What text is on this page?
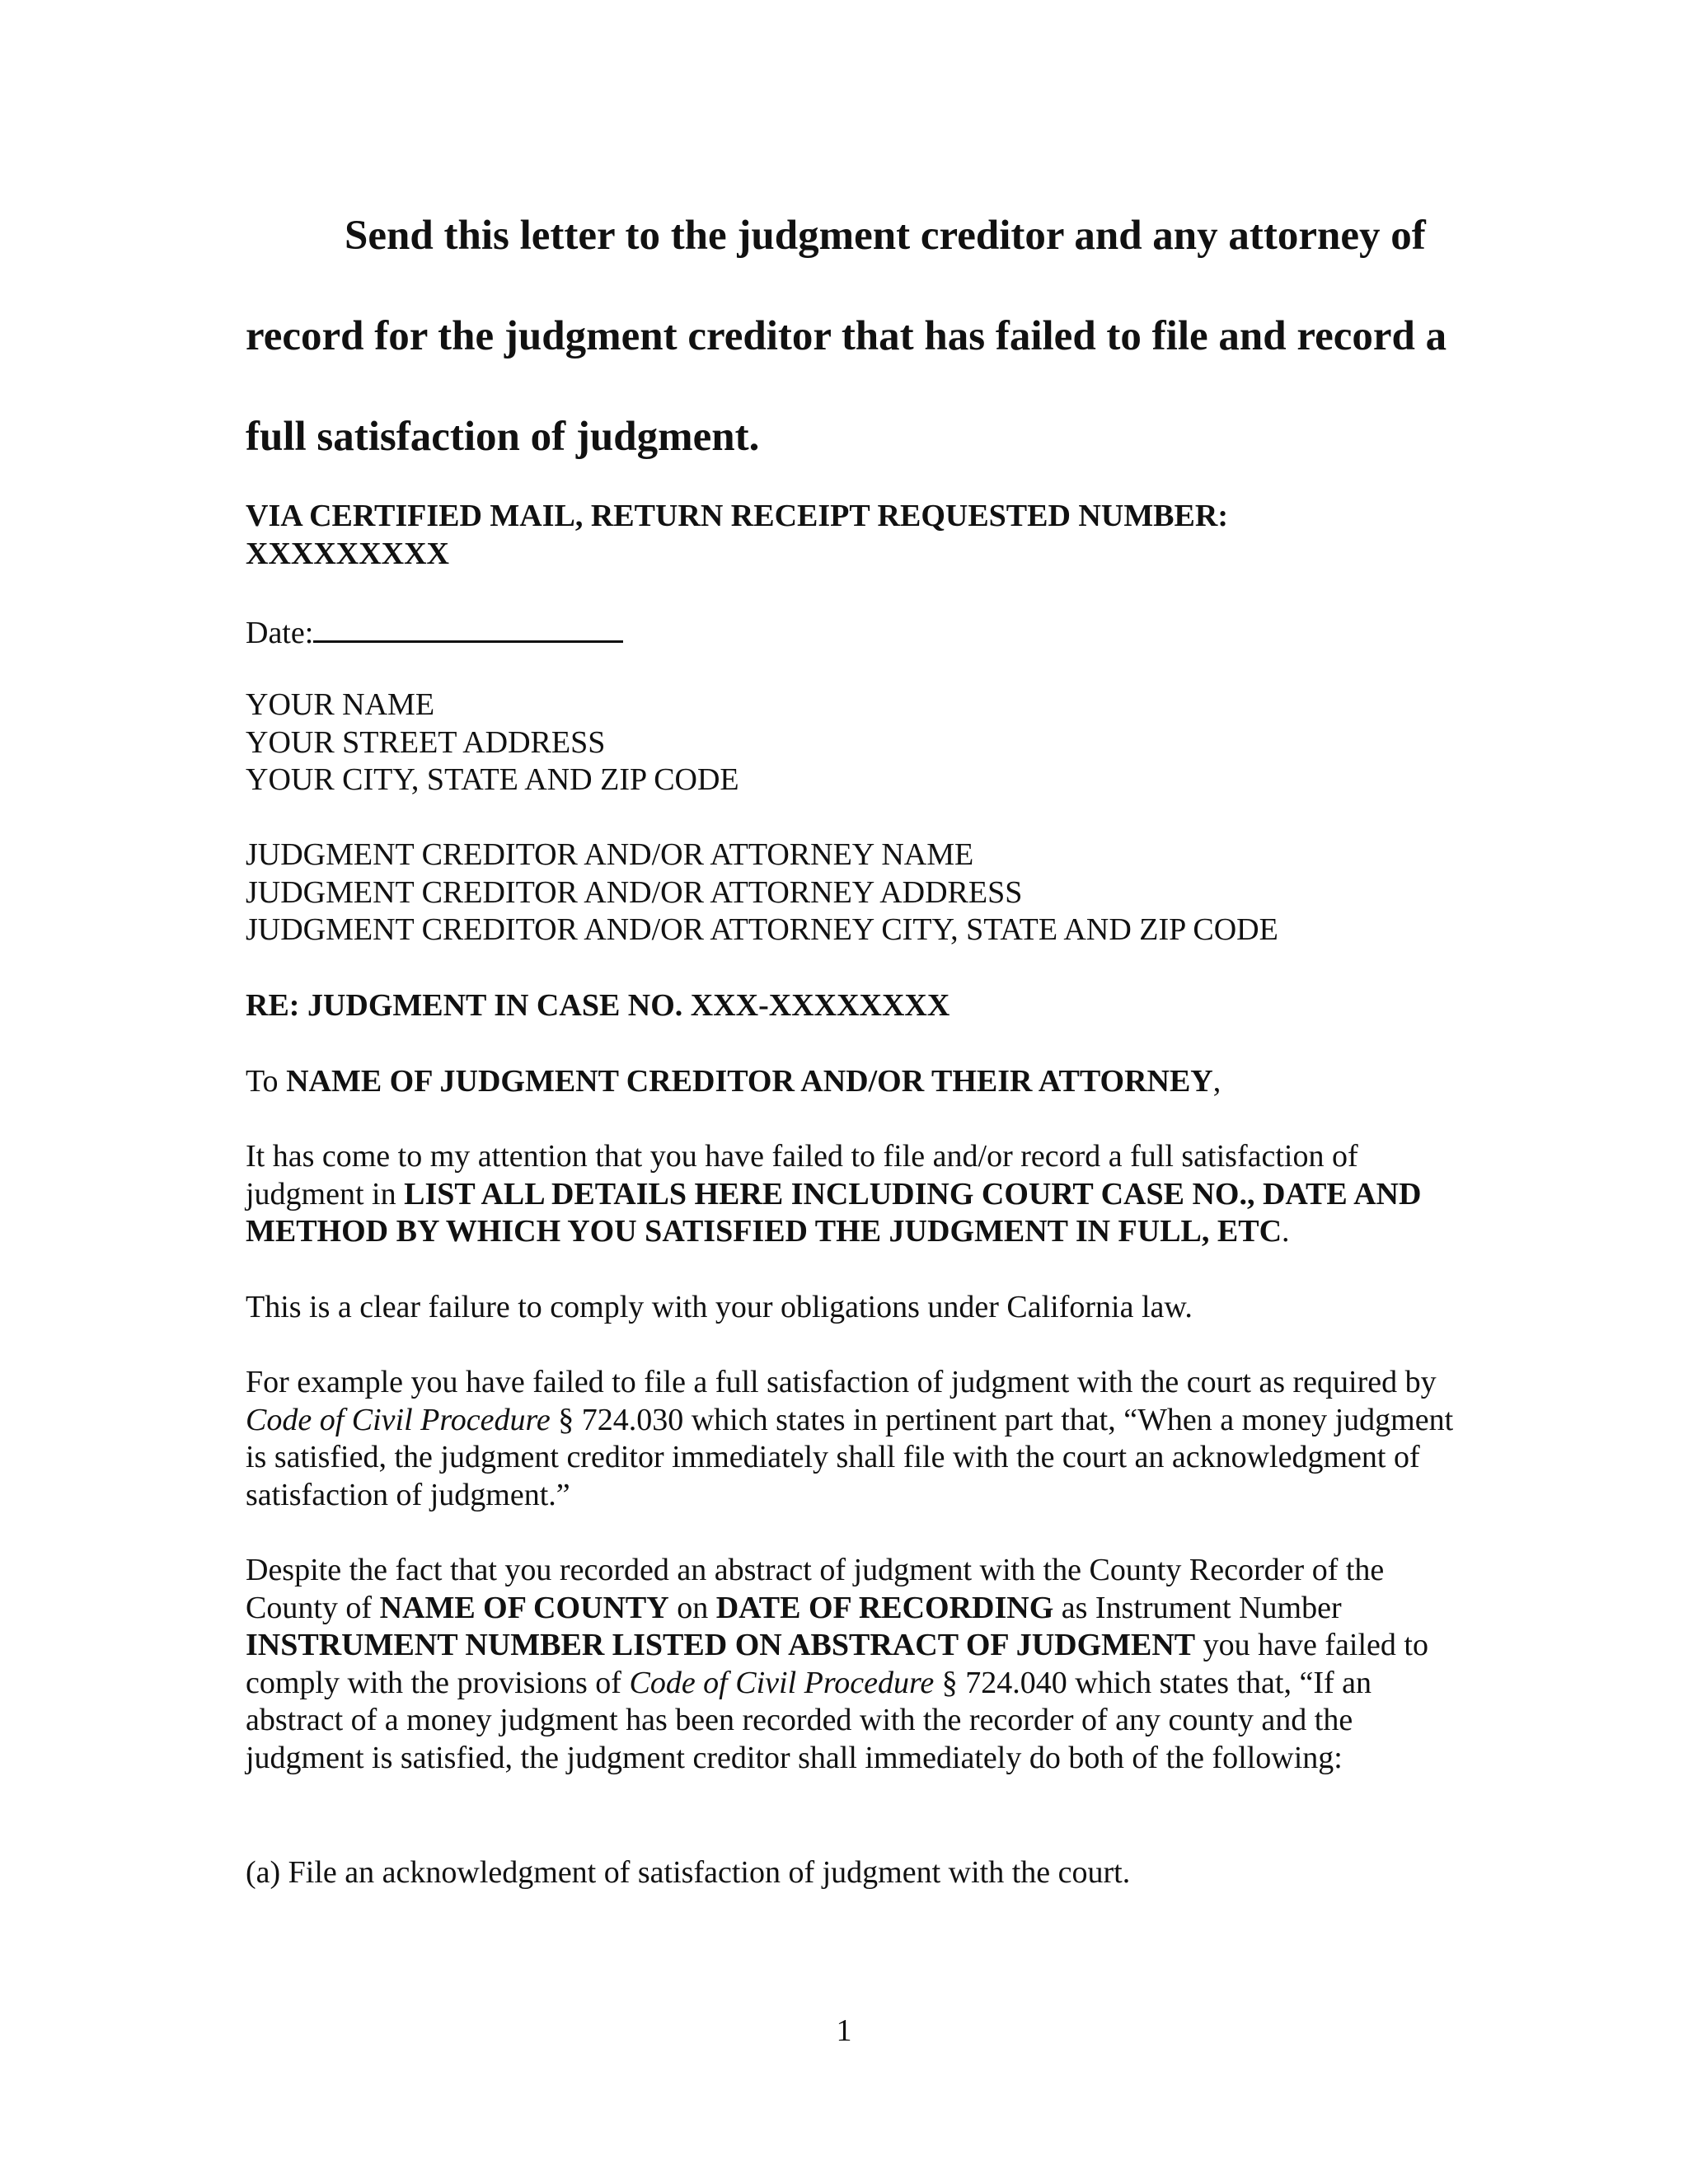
Send this letter to the judgment creditor and any attorney of record for the judgment creditor that has failed to file and record a full satisfaction of judgment.

VIA CERTIFIED MAIL, RETURN RECEIPT REQUESTED NUMBER:
XXXXXXXXX

Date:

YOUR NAME
YOUR STREET ADDRESS
YOUR CITY, STATE AND ZIP CODE

JUDGMENT CREDITOR AND/OR ATTORNEY NAME
JUDGMENT CREDITOR AND/OR ATTORNEY ADDRESS
JUDGMENT CREDITOR AND/OR ATTORNEY CITY, STATE AND ZIP CODE

RE: JUDGMENT IN CASE NO. XXX-XXXXXXXX

To NAME OF JUDGMENT CREDITOR AND/OR THEIR ATTORNEY,

It has come to my attention that you have failed to file and/or record a full satisfaction of judgment in LIST ALL DETAILS HERE INCLUDING COURT CASE NO., DATE AND METHOD BY WHICH YOU SATISFIED THE JUDGMENT IN FULL, ETC.

This is a clear failure to comply with your obligations under California law.

For example you have failed to file a full satisfaction of judgment with the court as required by Code of Civil Procedure § 724.030 which states in pertinent part that, “When a money judgment is satisfied, the judgment creditor immediately shall file with the court an acknowledgment of satisfaction of judgment.”

Despite the fact that you recorded an abstract of judgment with the County Recorder of the County of NAME OF COUNTY on DATE OF RECORDING as Instrument Number INSTRUMENT NUMBER LISTED ON ABSTRACT OF JUDGMENT you have failed to comply with the provisions of Code of Civil Procedure § 724.040 which states that, “If an abstract of a money judgment has been recorded with the recorder of any county and the judgment is satisfied, the judgment creditor shall immediately do both of the following:

(a) File an acknowledgment of satisfaction of judgment with the court.

1
